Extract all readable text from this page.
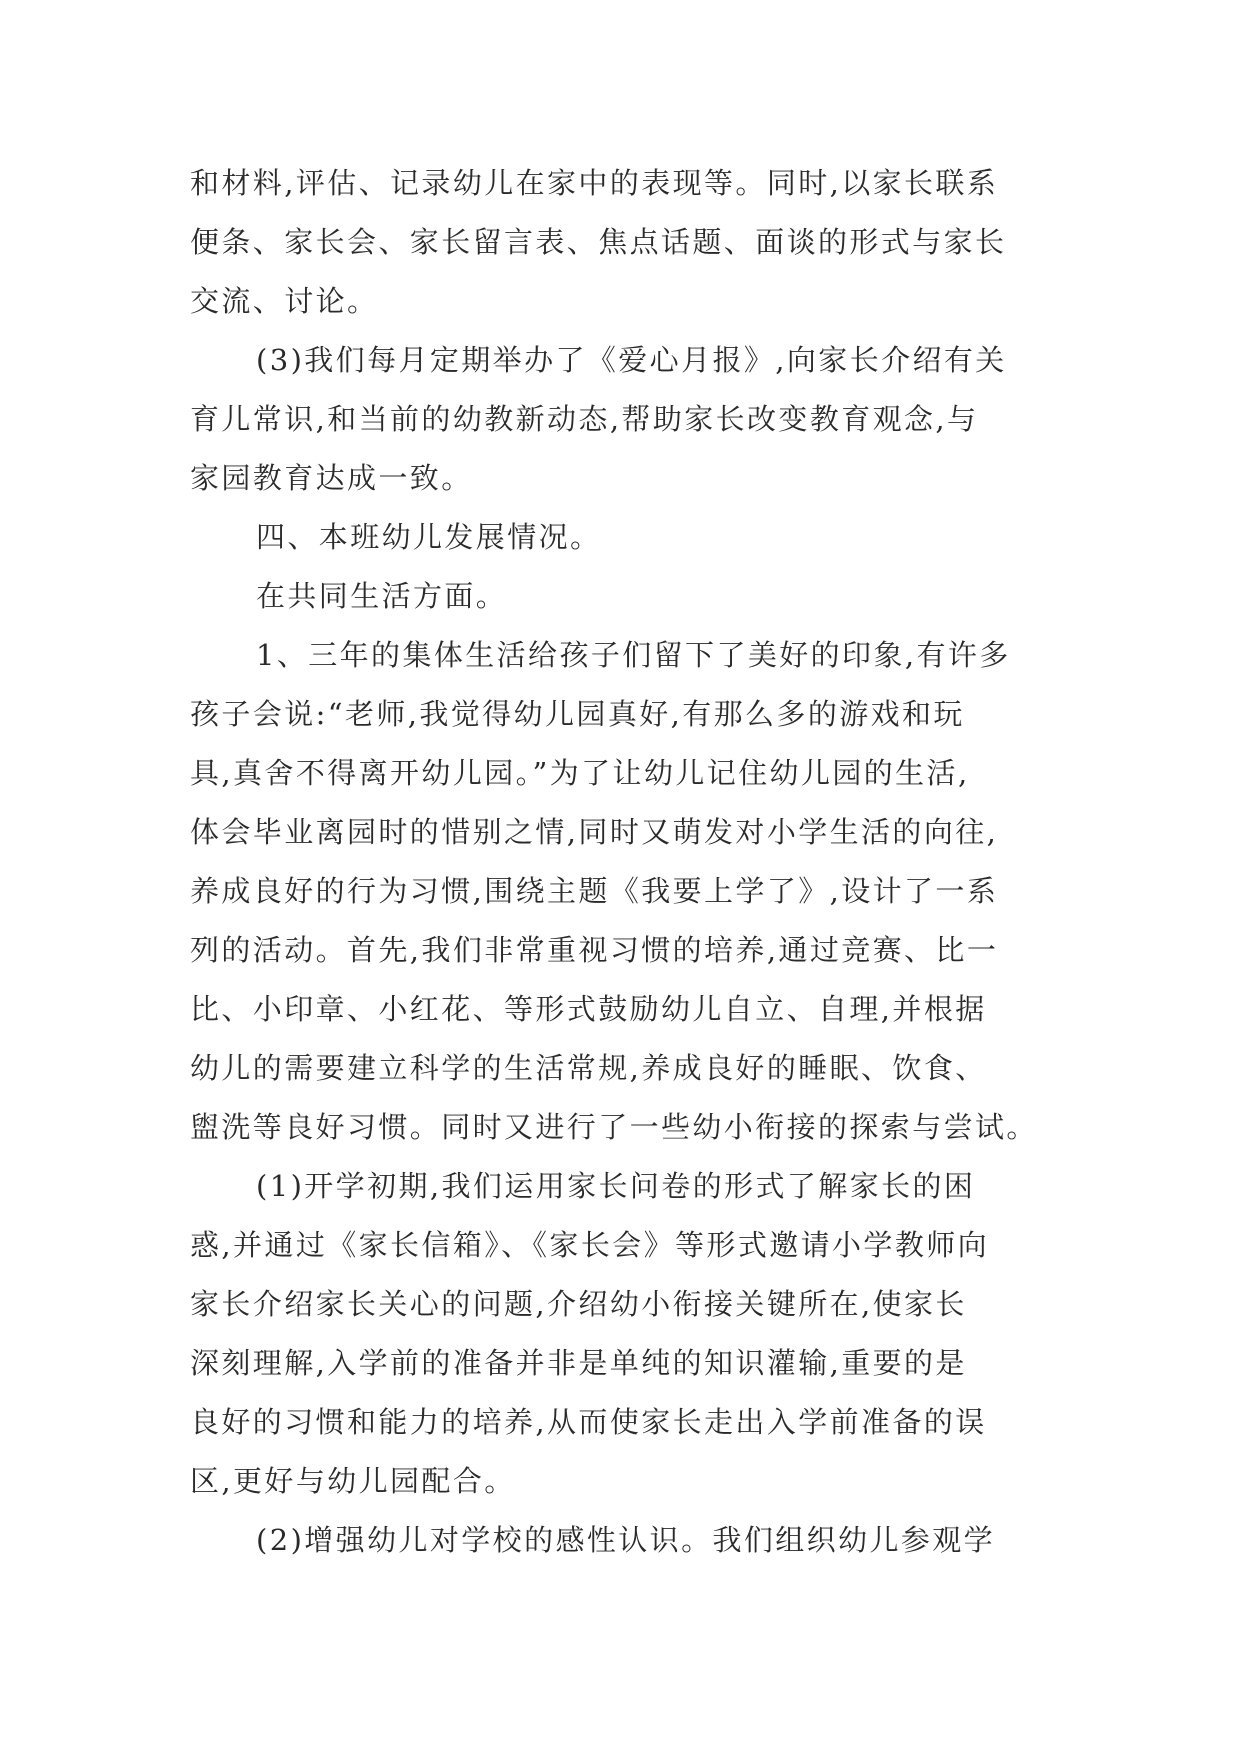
和材料,评估、记录幼儿在家中的表现等。同时,以家长联系
便条、家长会、家长留言表、焦点话题、面谈的形式与家长
交流、讨论。
(3)我们每月定期举办了《爱心月报》,向家长介绍有关
育儿常识,和当前的幼教新动态,帮助家长改变教育观念,与
家园教育达成一致。
四、本班幼儿发展情况。
在共同生活方面。
1、三年的集体生活给孩子们留下了美好的印象,有许多
孩子会说:“老师,我觉得幼儿园真好,有那么多的游戏和玩
具,真舍不得离开幼儿园。”为了让幼儿记住幼儿园的生活,
体会毕业离园时的惜别之情,同时又萌发对小学生活的向往,
养成良好的行为习惯,围绕主题《我要上学了》,设计了一系
列的活动。首先,我们非常重视习惯的培养,通过竞赛、比一
比、小印章、小红花、等形式鼓励幼儿自立、自理,并根据
幼儿的需要建立科学的生活常规,养成良好的睡眠、饮食、
盥洗等良好习惯。同时又进行了一些幼小衔接的探索与尝试。
(1)开学初期,我们运用家长问卷的形式了解家长的困
惑,并通过《家长信箱》、《家长会》等形式邀请小学教师向
家长介绍家长关心的问题,介绍幼小衔接关键所在,使家长
深刻理解,入学前的准备并非是单纯的知识灌输,重要的是
良好的习惯和能力的培养,从而使家长走出入学前准备的误
区,更好与幼儿园配合。
(2)增强幼儿对学校的感性认识。我们组织幼儿参观学
